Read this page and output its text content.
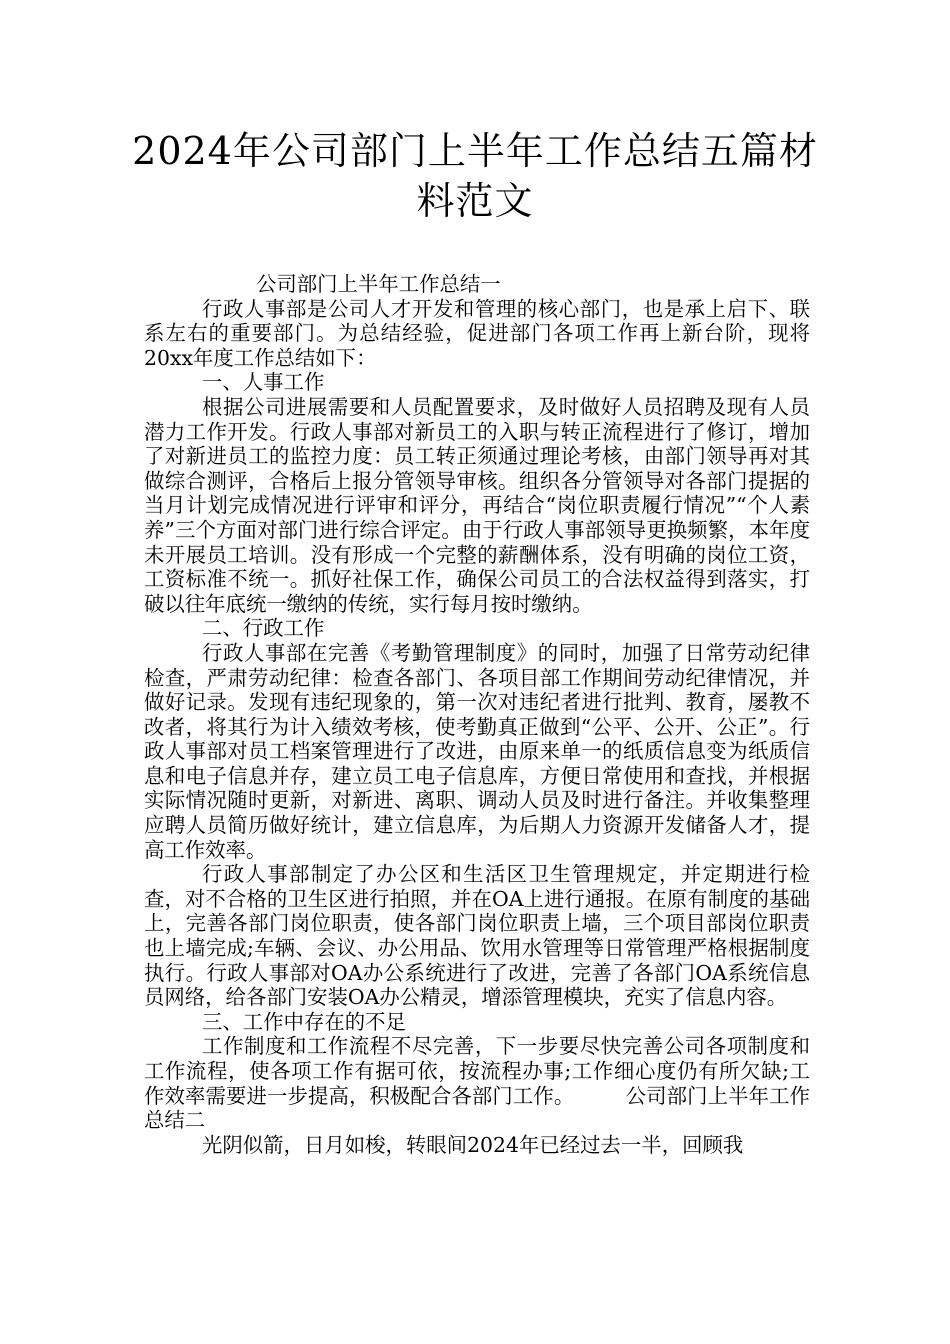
2024年公司部门上半年工作总结五篇材料范文

公司部门上半年工作总结一

行政人事部是公司人才开发和管理的核心部门，也是承上启下、联系左右的重要部门。为总结经验，促进部门各项工作再上新台阶，现将20xx年度工作总结如下：

一、人事工作

根据公司进展需要和人员配置要求，及时做好人员招聘及现有人员潜力工作开发。行政人事部对新员工的入职与转正流程进行了修订，增加了对新进员工的监控力度：员工转正须通过理论考核，由部门领导再对其做综合测评，合格后上报分管领导审核。组织各分管领导对各部门提据的当月计划完成情况进行评审和评分，再结合“岗位职责履行情况”“个人素养”三个方面对部门进行综合评定。由于行政人事部领导更换频繁，本年度未开展员工培训。没有形成一个完整的薪酬体系，没有明确的岗位工资，工资标准不统一。抓好社保工作，确保公司员工的合法权益得到落实，打破以往年底统一缴纳的传统，实行每月按时缴纳。

二、行政工作

行政人事部在完善《考勤管理制度》的同时，加强了日常劳动纪律检查，严肃劳动纪律：检查各部门、各项目部工作期间劳动纪律情况，并做好记录。发现有违纪现象的，第一次对违纪者进行批判、教育，屡教不改者，将其行为计入绩效考核，使考勤真正做到“公平、公开、公正”。行政人事部对员工档案管理进行了改进，由原来单一的纸质信息变为纸质信息和电子信息并存，建立员工电子信息库，方便日常使用和查找，并根据实际情况随时更新，对新进、离职、调动人员及时进行备注。并收集整理应聘人员简历做好统计，建立信息库，为后期人力资源开发储备人才，提高工作效率。

行政人事部制定了办公区和生活区卫生管理规定，并定期进行检查，对不合格的卫生区进行拍照，并在OA上进行通报。在原有制度的基础上，完善各部门岗位职责，使各部门岗位职责上墙，三个项目部岗位职责也上墙完成;车辆、会议、办公用品、饮用水管理等日常管理严格根据制度执行。行政人事部对OA办公系统进行了改进，完善了各部门OA系统信息员网络，给各部门安装OA办公精灵，增添管理模块，充实了信息内容。

三、工作中存在的不足

工作制度和工作流程不尽完善，下一步要尽快完善公司各项制度和工作流程，使各项工作有据可依，按流程办事;工作细心度仍有所欠缺;工作效率需要进一步提高，积极配合各部门工作。　　　公司部门上半年工作总结二

光阴似箭，日月如梭，转眼间2024年已经过去一半，回顾我
